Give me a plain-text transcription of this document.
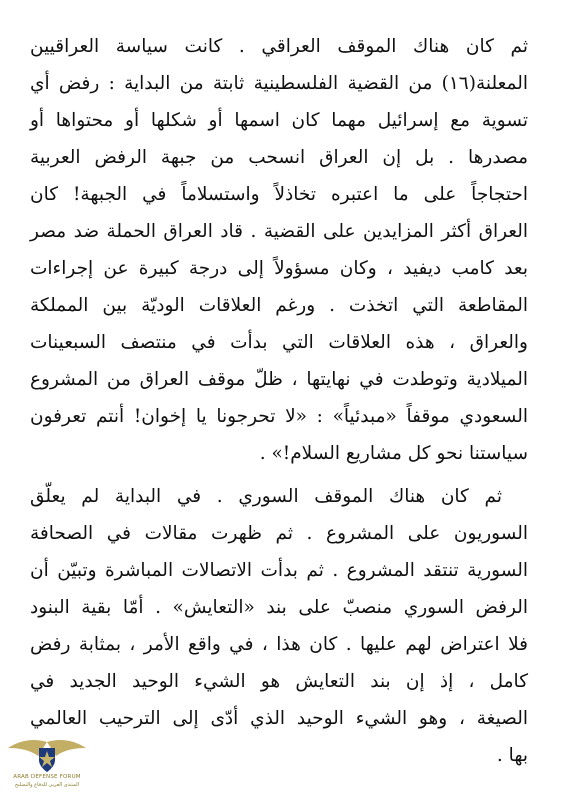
ثم كان هناك الموقف العراقي . كانت سياسة العراقيين
المعلنة(١٦) من القضية الفلسطينية ثابتة من البداية : رفض أي
تسوية مع إسرائيل مهما كان اسمها أو شكلها أو محتواها أو
مصدرها . بل إن العراق انسحب من جبهة الرفض العربية
احتجاجاً على ما اعتبره تخاذلاً واستسلاماً في الجبهة! كان
العراق أكثر المزايدين على القضية . قاد العراق الحملة ضد مصر
بعد كامب ديفيد ، وكان مسؤولاً إلى درجة كبيرة عن إجراءات
المقاطعة التي اتخذت . ورغم العلاقات الوديّة بين المملكة
والعراق ، هذه العلاقات التي بدأت في منتصف السبعينات
الميلادية وتوطدت في نهايتها ، ظلّ موقف العراق من المشروع
السعودي موقفاً «مبدئياً» : «لا تحرجونا يا إخوان! أنتم تعرفون
سياستنا نحو كل مشاريع السلام!» .

ثم كان هناك الموقف السوري . في البداية لم يعلّق
السوريون على المشروع . ثم ظهرت مقالات في الصحافة
السورية تنتقد المشروع . ثم بدأت الاتصالات المباشرة وتبيّن أن
الرفض السوري منصبّ على بند «التعايش» . أمّا بقية البنود
فلا اعتراض لهم عليها . كان هذا ، في واقع الأمر ، بمثابة رفض
كامل ، إذ إن بند التعايش هو الشيء الوحيد الجديد في
الصيغة ، وهو الشيء الوحيد الذي أدّى إلى الترحيب العالمي
بها .

ARAB DEFENSE FORUM
المنتدى العربي للدفاع والتسليح
